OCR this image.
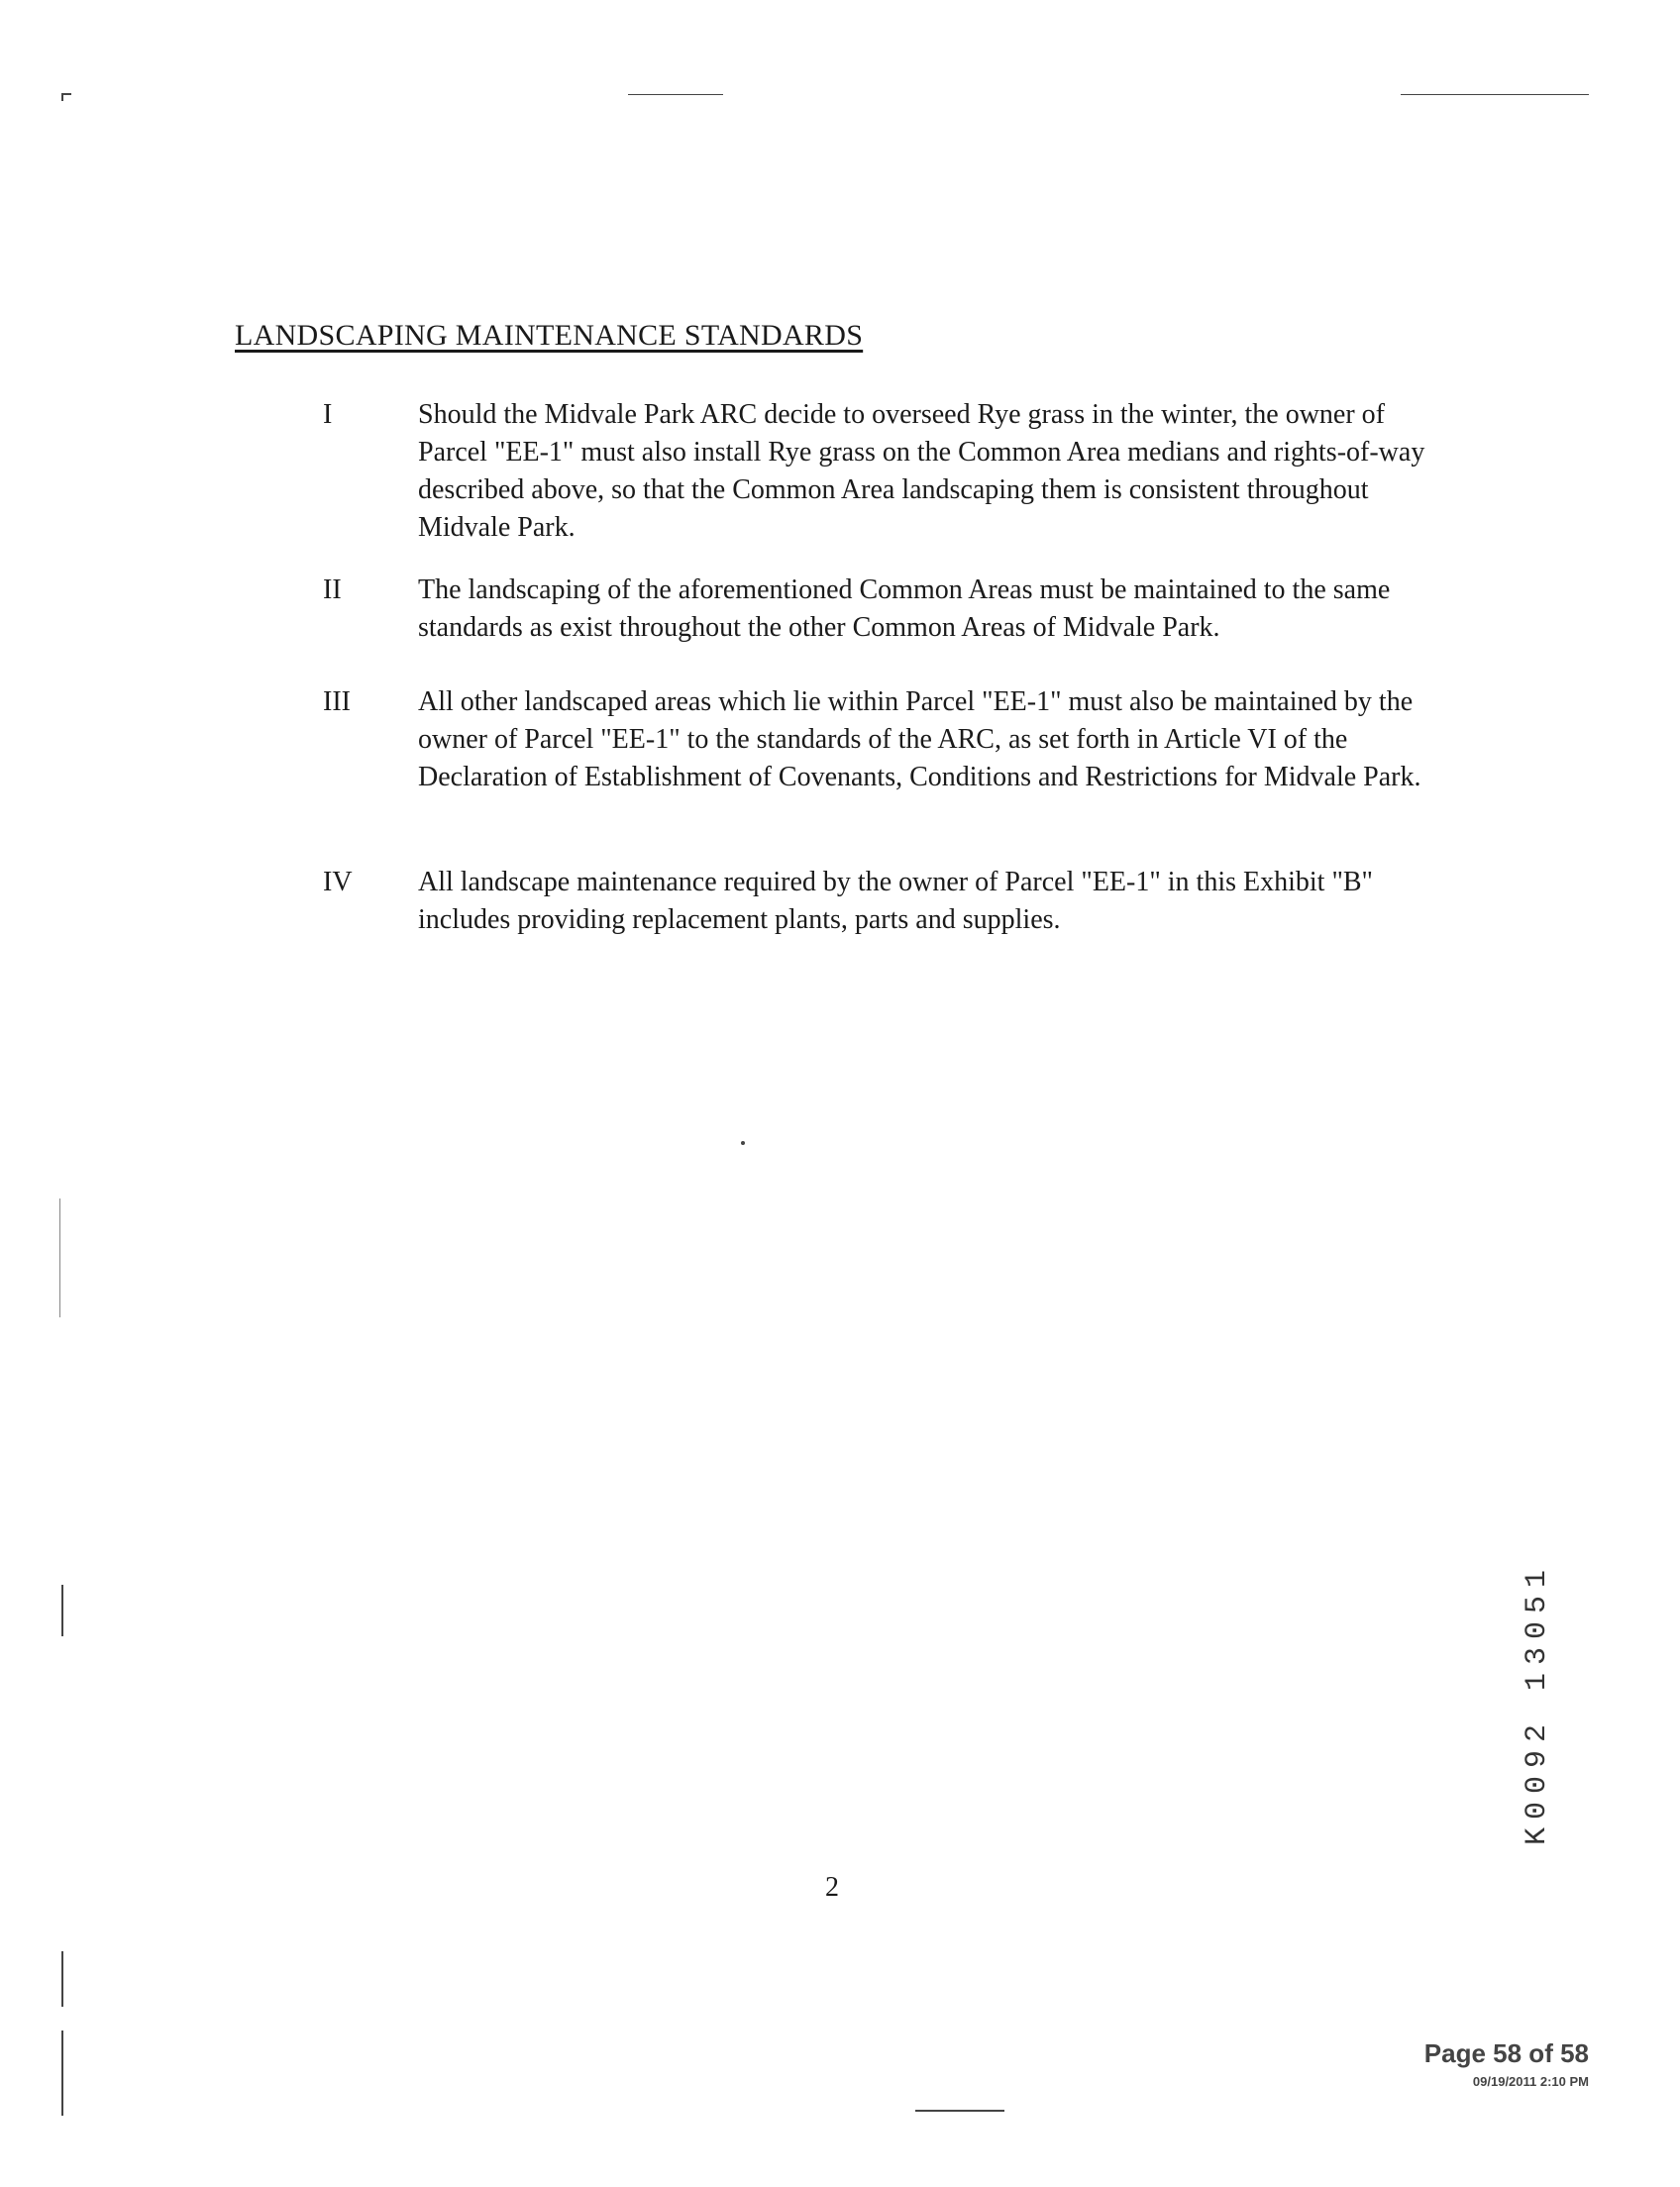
LANDSCAPING MAINTENANCE STANDARDS
I	Should the Midvale Park ARC decide to overseed Rye grass in the winter, the owner of Parcel "EE-1" must also install Rye grass on the Common Area medians and rights-of-way described above, so that the Common Area landscaping them is consistent throughout Midvale Park.
II	The landscaping of the aforementioned Common Areas must be maintained to the same standards as exist throughout the other Common Areas of Midvale Park.
III All other landscaped areas which lie within Parcel "EE-1" must also be maintained by the owner of Parcel "EE-1" to the standards of the ARC, as set forth in Article VI of the Declaration of Establishment of Covenants, Conditions and Restrictions for Midvale Park.
IV All landscape maintenance required by the owner of Parcel "EE-1" in this Exhibit "B" includes providing replacement plants, parts and supplies.
2
K0092 13051
Page 58 of 58
09/19/2011 2:10 PM
